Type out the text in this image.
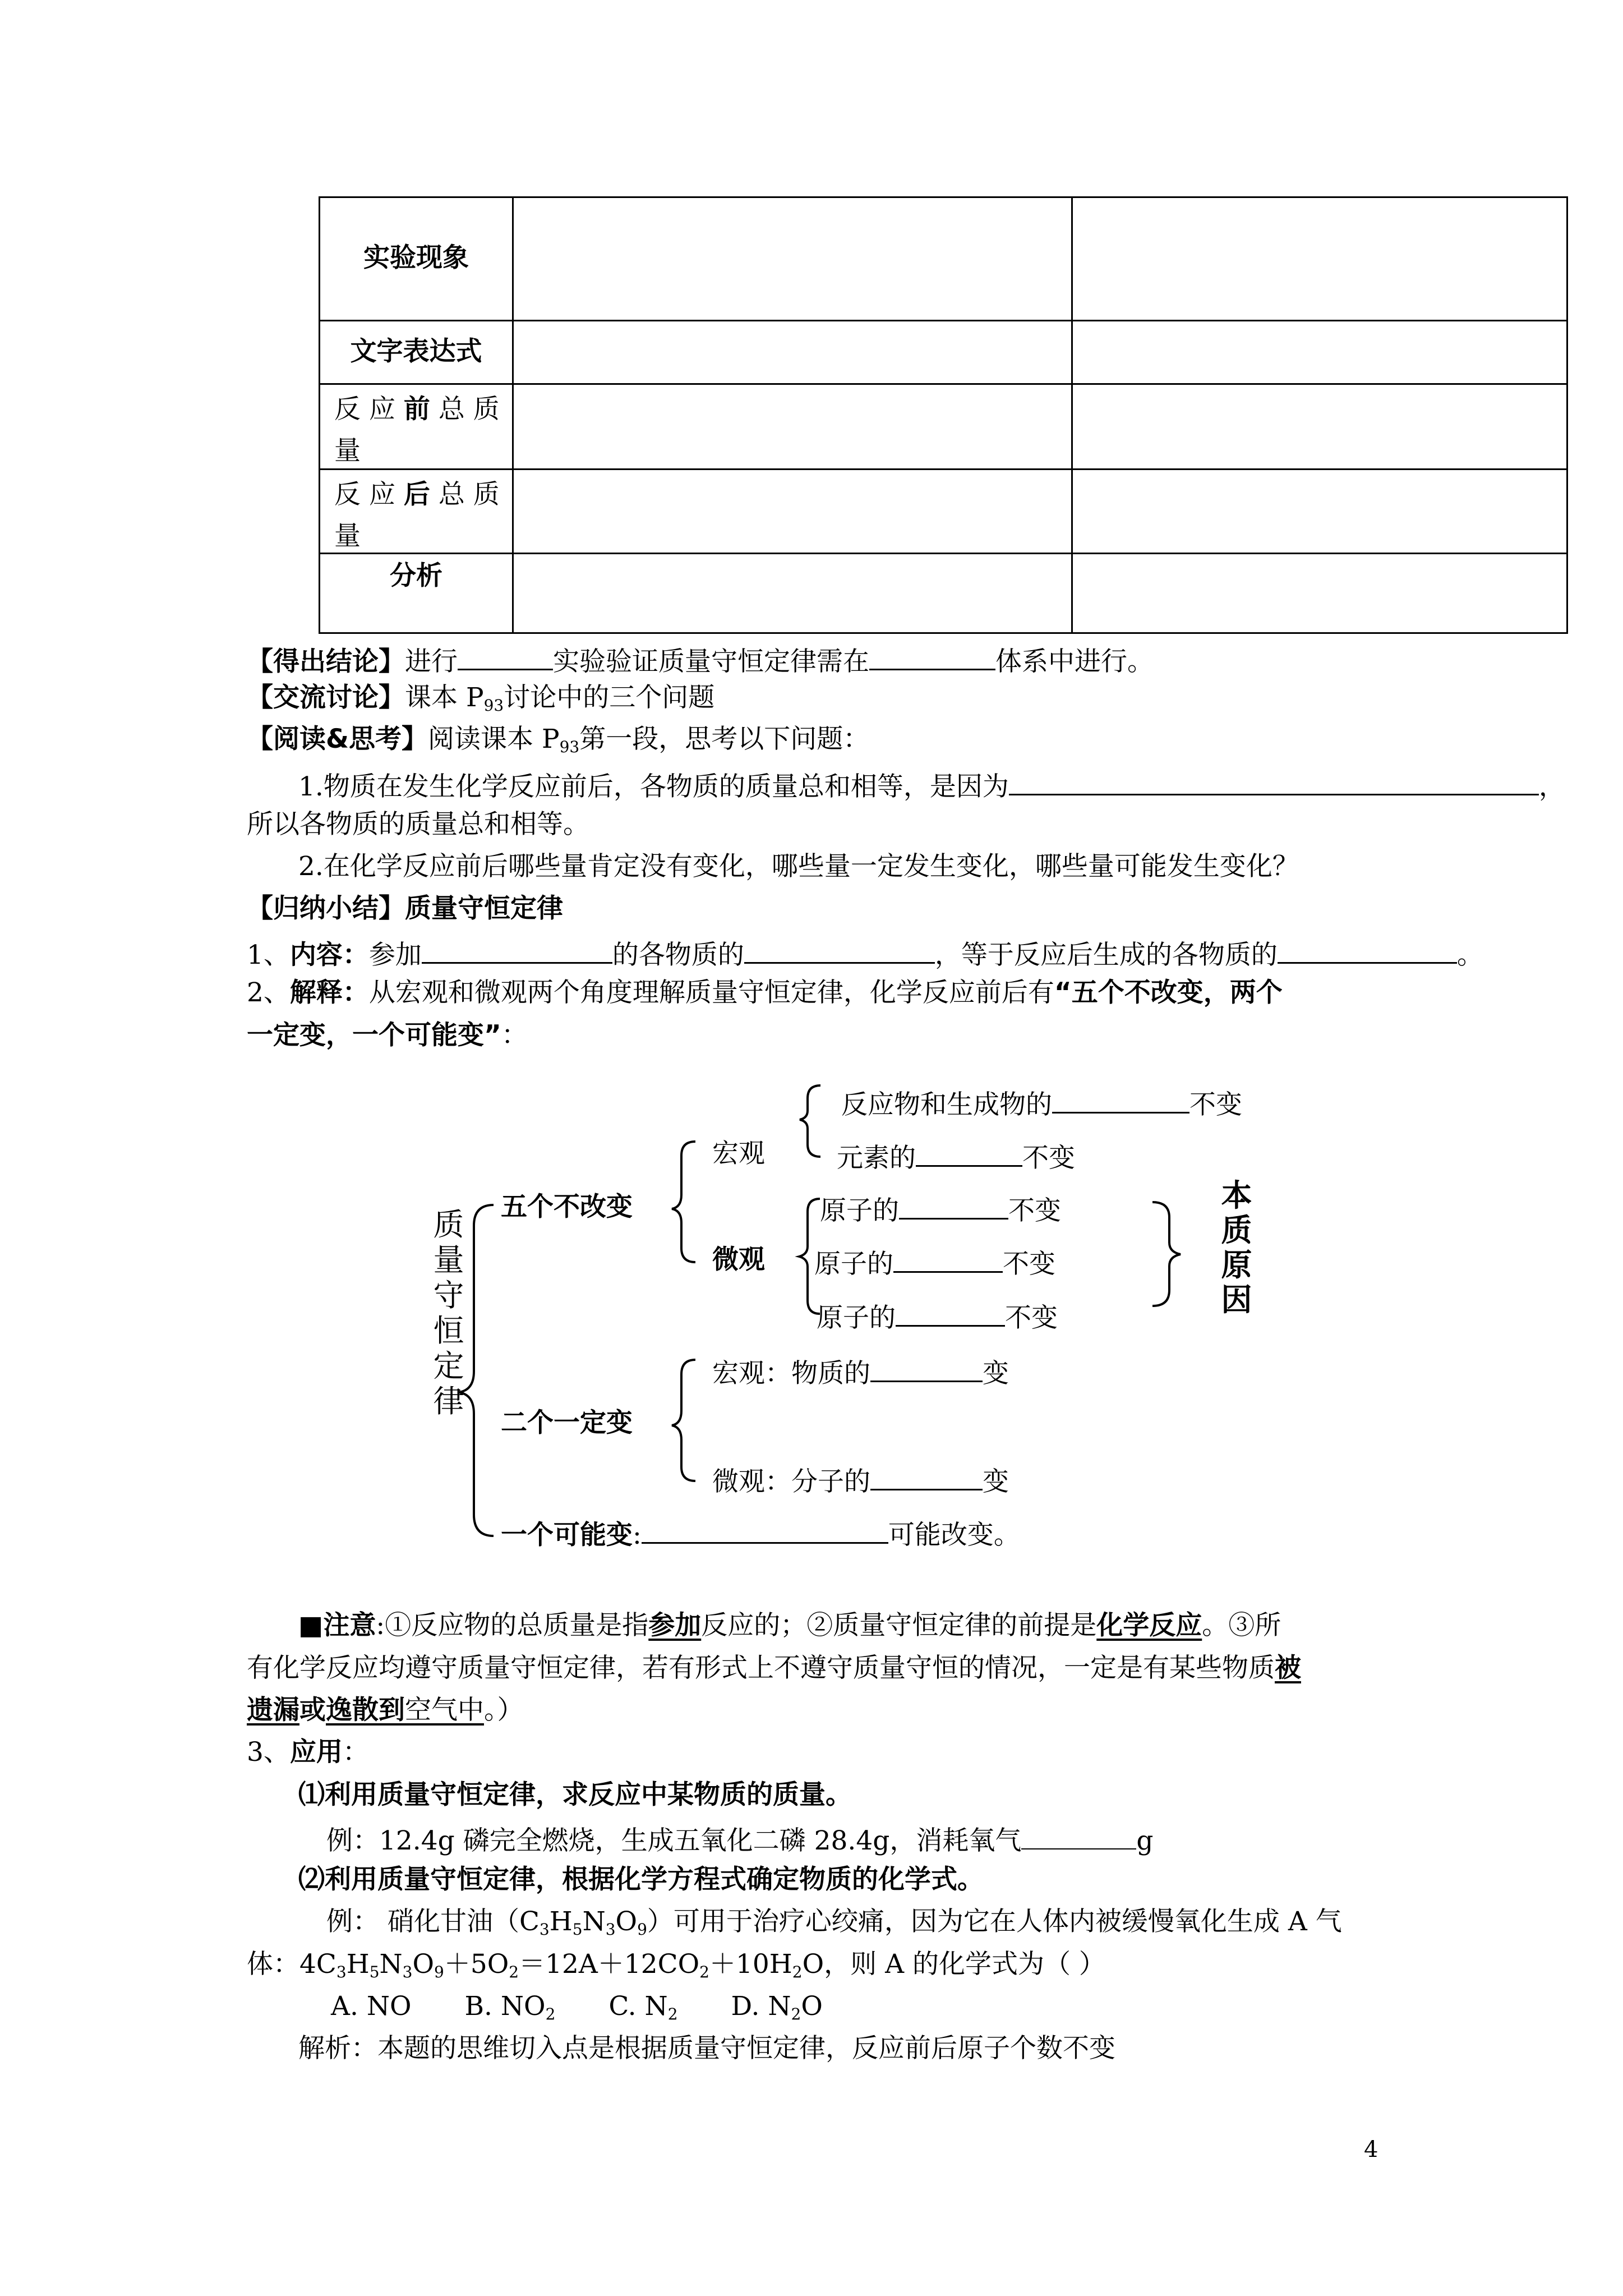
实验现象
文字表达式
反 应 前 总 质
量
反 应 后 总 质
量
分析
【得出结论】进行	实验验证质量守恒定律需在	体系中进行。
【交流讨论】课本 $P_{93}$讨论中的三个问题
【阅读&思考】阅读课本 $P_{93}$第一段，思考以下问题：
1.物质在发生化学反应前后，各物质的质量总和相等，是因为	，
所以各物质的质量总和相等。
2.在化学反应前后哪些量肯定没有变化，哪些量一定发生变化，哪些量可能发生变化？
【归纳小结】质量守恒定律
1、内容：参加	的各物质的	，等于反应后生成的各物质的	。
2、解释：从宏观和微观两个角度理解质量守恒定律，化学反应前后有“五个不改变，两个
一定变，一个可能变”：
质
量
守
恒
定
律
五个不改变
宏观
微观
反应物和生成物的	不变
元素的	不变
原子的	不变
原子的	不变
原子的	不变
本
质
原
因
二个一定变
宏观：物质的	变
微观：分子的	变
一个可能变:	可能改变。
■注意:①反应物的总质量是指参加反应的；②质量守恒定律的前提是化学反应。③所
有化学反应均遵守质量守恒定律，若有形式上不遵守质量守恒的情况，一定是有某些物质被
遗漏或逸散到空气中。）
3、应用：
⑴利用质量守恒定律，求反应中某物质的质量。
例：12.4g 磷完全燃烧，生成五氧化二磷 28.4g，消耗氧气	g
⑵利用质量守恒定律，根据化学方程式确定物质的化学式。
例： 硝化甘油$(C_3H_5N_3O_9)$可用于治疗心绞痛，因为它在人体内被缓慢氧化生成 A 气
体：$4C_3H_5N_3O_9+5O_2=12A+12CO_2+10H_2O$，则 A 的化学式为（ ）
A. NO B. $NO_2$ C. $N_2$ D. $N_2O$
解析：本题的思维切入点是根据质量守恒定律，反应前后原子个数不变
4
